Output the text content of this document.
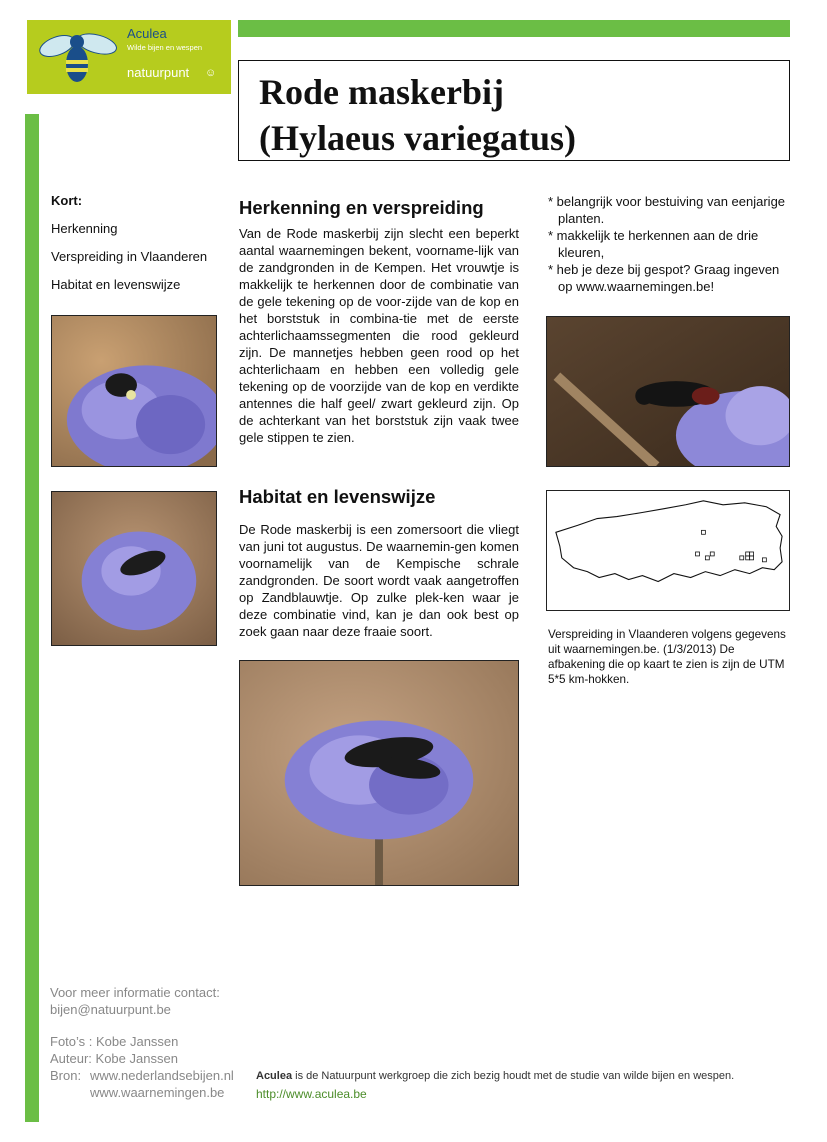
Aculea
Wilde bijen en wespen
natuurpunt ☺ Rode maskerbij
(Hylaeus variegatus)
Kort:
Herkenning
Verspreiding in Vlaanderen
Habitat en levenswijze
Herkenning en verspreiding
Van de Rode maskerbij zijn slecht een beperkt aantal waarnemingen bekent, voorname-lijk van de zandgronden in de Kempen. Het vrouwtje is makkelijk te herkennen door de combinatie van de gele tekening op de voor-zijde van de kop en het borststuk in combina-tie met de eerste achterlichaamssegmenten die rood gekleurd zijn. De mannetjes hebben geen rood op het achterlichaam en hebben een volledig gele tekening op de voorzijde van de kop en verdikte antennes die half geel/ zwart gekleurd zijn. Op de achterkant van het borststuk zijn vaak twee gele stippen te zien.
Habitat en levenswijze
De Rode maskerbij is een zomersoort die vliegt van juni tot augustus. De waarnemin-gen komen voornamelijk van de Kempische schrale zandgronden. De soort wordt vaak aangetroffen op Zandblauwtje. Op zulke plek-ken waar je deze combinatie vind, kan je dan ook best op zoek gaan naar deze fraaie soort.
* belangrijk voor bestuiving van eenjarige planten.
* makkelijk te herkennen aan de drie kleuren,
* heb je deze bij gespot? Graag ingeven op www.waarnemingen.be!
Verspreiding in Vlaanderen volgens gegevens uit waarnemingen.be. (1/3/2013) De afbakening die op kaart te zien is zijn de UTM 5*5 km-hokken.
Voor meer informatie contact:
bijen@natuurpunt.be
Foto’s : Kobe Janssen
Auteur: Kobe Janssen
Bron: www.nederlandsebijen.nl
www.waarnemingen.be
Aculea is de Natuurpunt werkgroep die zich bezig houdt met de studie van wilde bijen en wespen.
http://www.aculea.be
